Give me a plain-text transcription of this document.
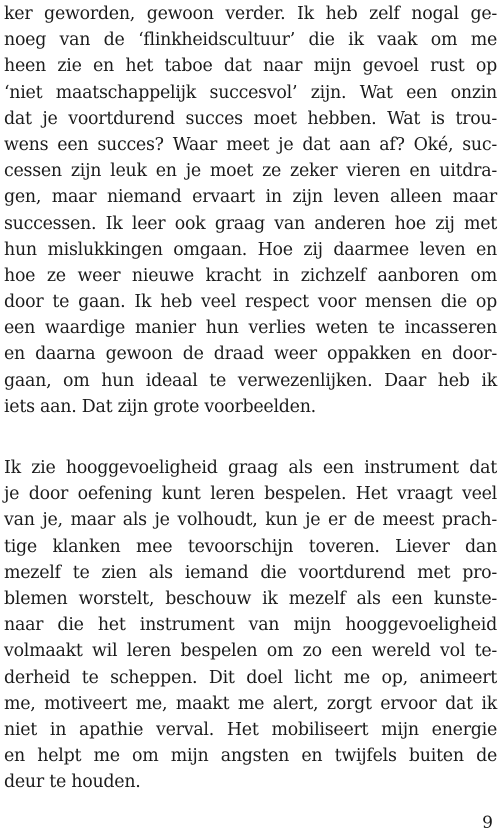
ker geworden, gewoon verder. Ik heb zelf nogal ge-
noeg van de ‘flinkheidscultuur’ die ik vaak om me
heen zie en het taboe dat naar mijn gevoel rust op
‘niet maatschappelijk succesvol’ zijn. Wat een onzin
dat je voortdurend succes moet hebben. Wat is trou-
wens een succes? Waar meet je dat aan af? Oké, suc-
cessen zijn leuk en je moet ze zeker vieren en uitdra-
gen, maar niemand ervaart in zijn leven alleen maar
successen. Ik leer ook graag van anderen hoe zij met
hun mislukkingen omgaan. Hoe zij daarmee leven en
hoe ze weer nieuwe kracht in zichzelf aanboren om
door te gaan. Ik heb veel respect voor mensen die op
een waardige manier hun verlies weten te incasseren
en daarna gewoon de draad weer oppakken en door-
gaan, om hun ideaal te verwezenlijken. Daar heb ik
iets aan. Dat zijn grote voorbeelden.
Ik zie hooggevoeligheid graag als een instrument dat
je door oefening kunt leren bespelen. Het vraagt veel
van je, maar als je volhoudt, kun je er de meest prach-
tige klanken mee tevoorschijn toveren. Liever dan
mezelf te zien als iemand die voortdurend met pro-
blemen worstelt, beschouw ik mezelf als een kunste-
naar die het instrument van mijn hooggevoeligheid
volmaakt wil leren bespelen om zo een wereld vol te-
derheid te scheppen. Dit doel licht me op, animeert
me, motiveert me, maakt me alert, zorgt ervoor dat ik
niet in apathie verval. Het mobiliseert mijn energie
en helpt me om mijn angsten en twijfels buiten de
deur te houden.
9
